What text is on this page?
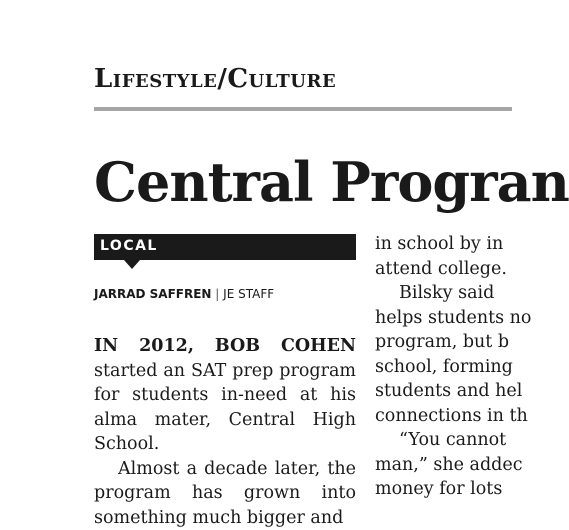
Lifestyle/Culture
Central Progran
LOCAL
JARRAD SAFFREN | JE STAFF

IN 2012, BOB COHEN started an SAT prep program for students in-need at his alma mater, Central High School.

Almost a decade later, the program has grown into something much bigger and

in school by in
attend college.
Bilsky said
helps students no
program, but b
school, forming
students and hel
connections in th
“You cannot
man,” she addec
money for lots
